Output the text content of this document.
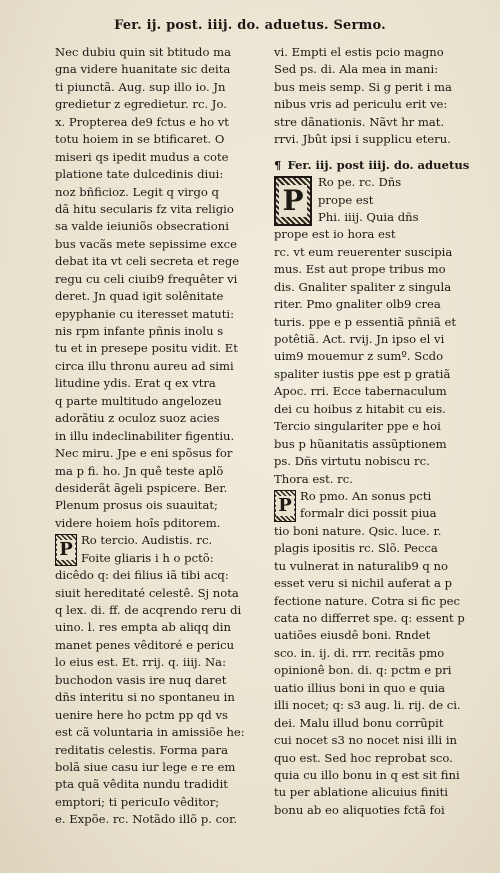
Fer. ij. post. iiij. do. aduetus. Sermo.
Nec dubiu quin sit btitudo ma
gna videre huanitate sic deita
ti piunctã. Aug. sup illo io. Jn
gredietur z egredietur. rc. Jo.
x. Propterea de9 fctus e ho vt
totu hoiem in se btificaret. O
miseri qs ipedit mudus a cote
platione tate dulcedinis diui:
noz bñficioz. Legit q virgo q
dã hitu secularis fz vita religio
sa valde ieiuniõs obsecrationi
bus vacãs mete sepissime exce
debat ita vt celi secreta et rege
regu cu celi ciuib9 frequêter vi
deret. Jn quad igit solênitate
epyphanie cu iteresset matuti:
nis rpm infante pñnis inolu s
tu et in presepe positu vidit. Et
circa illu thronu aureu ad simi
litudine ydis. Erat q ex vtra
q parte multitudo angelozeu
adorãtiu z oculoz suoz acies
in illu indeclinabiliter figentiu.
Nec miru. Jpe e eni spõsus for
ma p fi. ho. Jn quê teste aplõ
desiderãt ãgeli pspicere. Ber.
Plenum prosus ois suauitat;
videre hoiem hoîs pditorem.
P Ro tercio. Audistis. rc.
Foite gliaris i h o pctõ:
dicêdo q: dei filius iã tibi acq:
siuit hereditaté celestê. Sj nota
q lex. di. ff. de acqrendo reru di
uino. l. res empta ab aliqq din
manet penes vêditoré e pericu
lo eius est. Et. rrij. q. iiij. Na:
buchodon vasis ire nuq daret
dñs interitu si no spontaneu in
uenire here ho pctm pp qd vs
est cã voluntaria in amissiõe he:
reditatis celestis. Forma para
bolã siue casu iur lege e re em
pta quã vêdita nundu tradidit
emptori; ti pericuIo vêditor;
e. Expõe. rc. Notãdo illõ p. cor.
vi. Empti el estis pcio magno
Sed ps. di. Ala mea in mani:
bus meis semp. Si g perit i ma
nibus vris ad periculu erit ve:
stre dãnationis. Nãvt hr mat.
rrvi. Jbût ipsi i supplicu eteru.
¶ Fer. iij. post iiij. do. aduetus
P
Ro pe. rc. Dñs
prope est
Phi. iiij. Quia dñs
prope est io hora est
rc. vt eum reuerenter suscipia
mus. Est aut prope tribus mo
dis. Gnaliter spaliter z singula
riter. Pmo gnaliter olb9 crea
turis. ppe e p essentiã pñniã et
potêtiã. Act. rvij. Jn ipso el vi
uim9 mouemur z sumº. Scdo
spaliter iustis ppe est p gratiã
Apoc. rri. Ecce tabernaculum
dei cu hoibus z hitabit cu eis.
Tercio singulariter ppe e hoi
bus p hũanitatis assũptionem
ps. Dñs virtutu nobiscu rc.
Thora est. rc.
P Ro pmo. An sonus pcti
formalr dici possit piua
tio boni nature. Qsic. luce. r.
plagis ipositis rc. Slõ. Pecca
tu vulnerat in naturalib9 q no
esset veru si nichil auferat a p
fectione nature. Cotra si fic pec
cata no differret spe. q: essent p
uatiões eiusdê boni. Rndet
sco. in. ij. di. rrr. recitãs pmo
opinionê bon. di. q: pctm e pri
uatio illius boni in quo e quia
illi nocet; q: s3 aug. li. rij. de ci.
dei. Malu illud bonu corrũpit
cui nocet s3 no nocet nisi illi in
quo est. Sed hoc reprobat sco.
quia cu illo bonu in q est sit fini
tu per ablatione alicuius finiti
bonu ab eo aliquoties fctã foi
